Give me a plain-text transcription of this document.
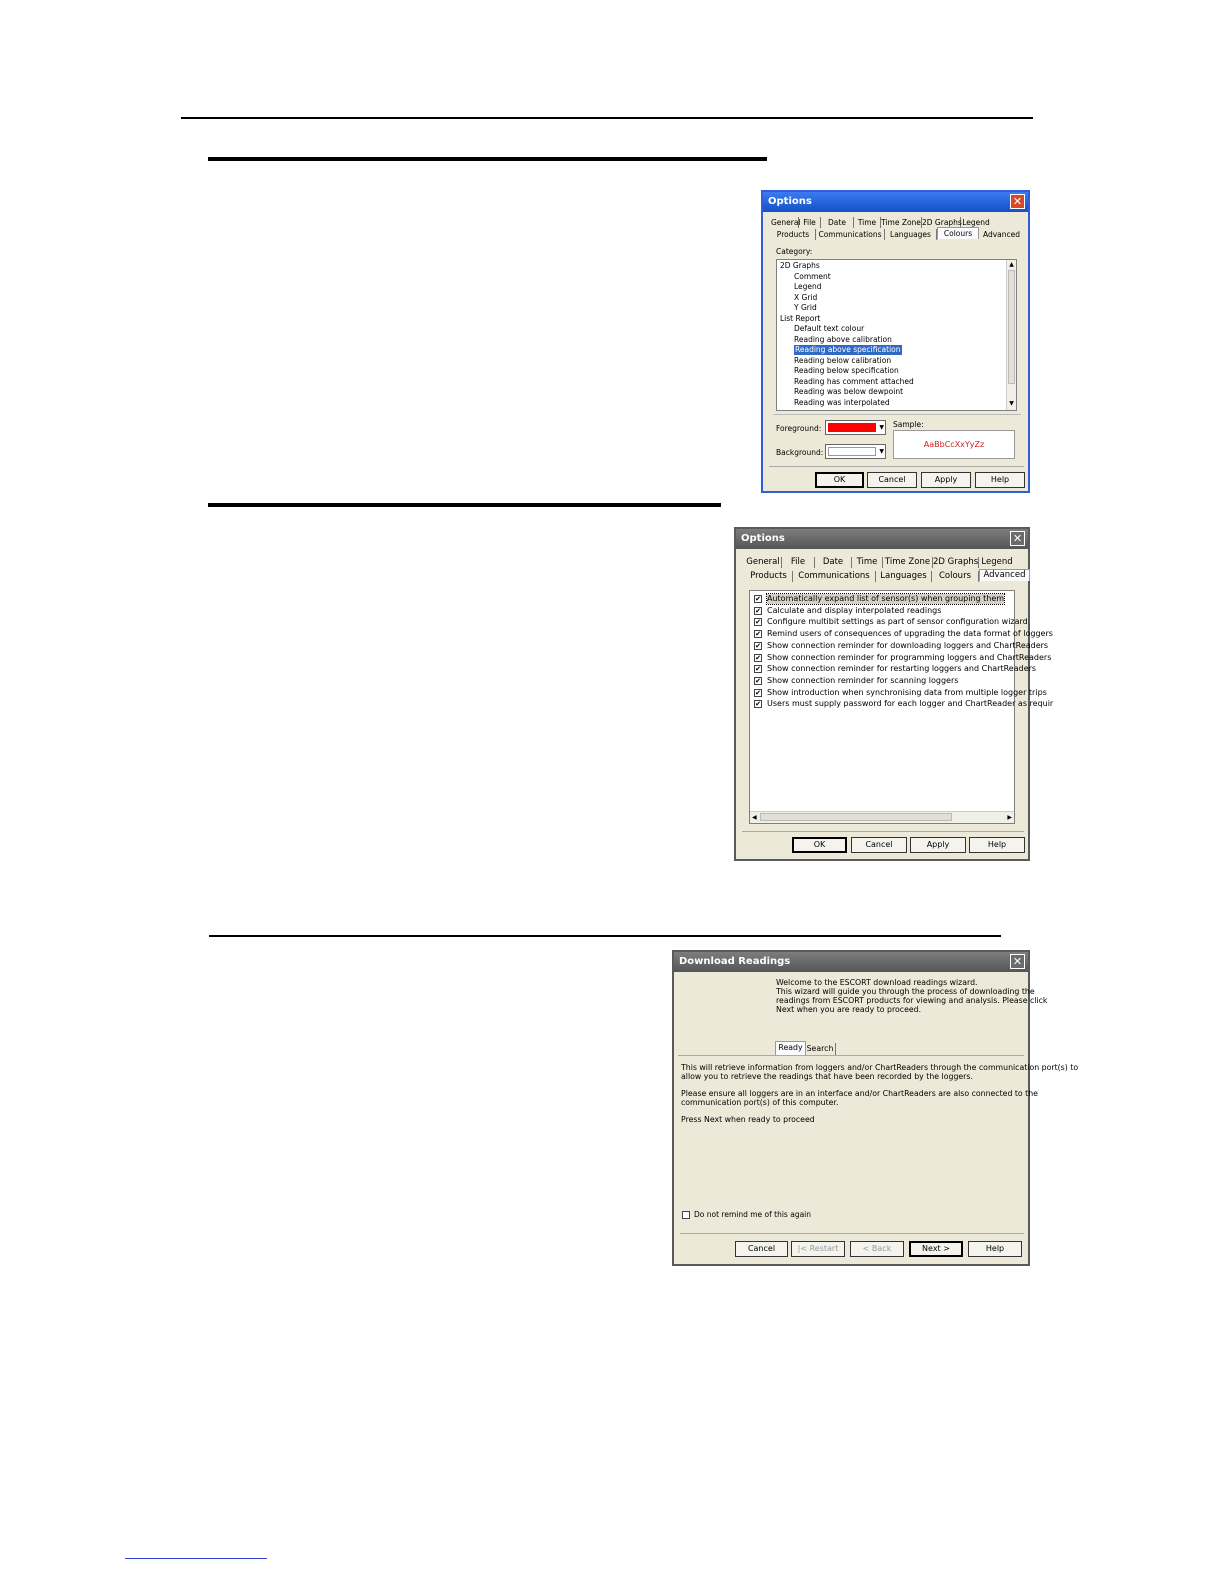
Options	✕
General File	Date	Time Time Zone 2D Graphs Legend
Products	Communications	Languages	Colours	Advanced
Category:
2D Graphs
Comment
Legend
X Grid
Y Grid
List Report
Default text colour
Reading above calibration
Reading above specification
Reading below calibration
Reading below specification
Reading has comment attached
Reading was below dewpoint
Reading was interpolated
▲
▼
Foreground:	▼
Background:	▼
Sample:
AaBbCcXxYyZz
OK	Cancel	Apply	Help
Options	✕
General	File	Date	Time Time Zone 2D Graphs Legend
Products	Communications	Languages	Colours	Advanced
✔ Automatically expand list of sensor(s) when grouping them
✔ Calculate and display interpolated readings
✔ Configure multibit settings as part of sensor configuration wizard
✔ Remind users of consequences of upgrading the data format of loggers
✔ Show connection reminder for downloading loggers and ChartReaders
✔ Show connection reminder for programming loggers and ChartReaders
✔ Show connection reminder for restarting loggers and ChartReaders
✔ Show connection reminder for scanning loggers
✔ Show introduction when synchronising data from multiple logger trips
✔ Users must supply password for each logger and ChartReader as requir
◀	▶
OK	Cancel	Apply	Help
Download Readings	✕
Welcome to the ESCORT download readings wizard.
This wizard will guide you through the process of downloading the
readings from ESCORT products for viewing and analysis. Please click
Next when you are ready to proceed.
Ready Search
This will retrieve information from loggers and/or ChartReaders through the communication port(s) to
allow you to retrieve the readings that have been recorded by the loggers.
Please ensure all loggers are in an interface and/or ChartReaders are also connected to the
communication port(s) of this computer.
Press Next when ready to proceed
Do not remind me of this again
Cancel	|< Restart	< Back	Next >	Help
